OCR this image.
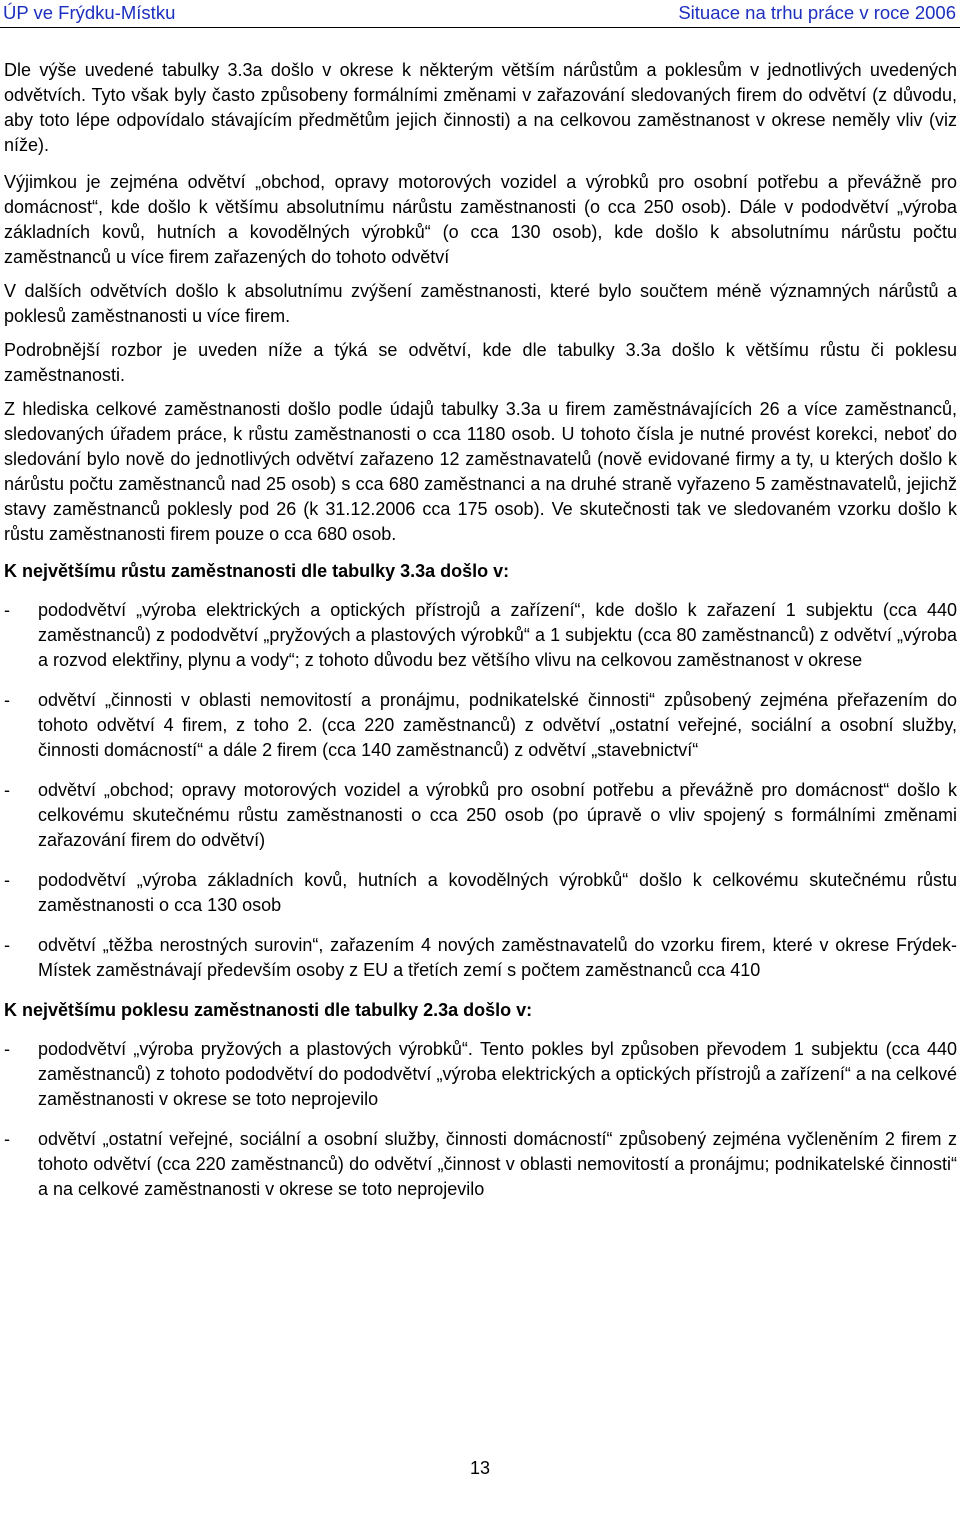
ÚP ve Frýdku-Místku	Situace na trhu práce v roce 2006

Dle výše uvedené tabulky 3.3a došlo v okrese k některým větším nárůstům a poklesům v jednotlivých uvedených odvětvích. Tyto však byly často způsobeny formálními změnami v zařazování sledovaných firem do odvětví (z důvodu, aby toto lépe odpovídalo stávajícím předmětům jejich činnosti) a na celkovou zaměstnanost v okrese neměly vliv (viz níže).

Výjimkou je zejména odvětví „obchod, opravy motorových vozidel a výrobků pro osobní potřebu a převážně pro domácnost“, kde došlo k většímu absolutnímu nárůstu zaměstnanosti (o cca 250 osob). Dále v pododvětví „výroba základních kovů, hutních a kovodělných výrobků“ (o cca 130 osob), kde došlo k absolutnímu nárůstu počtu zaměstnanců u více firem zařazených do tohoto odvětví

V dalších odvětvích došlo k absolutnímu zvýšení zaměstnanosti, které bylo součtem méně významných nárůstů a poklesů zaměstnanosti u více firem.

Podrobnější rozbor je uveden níže a týká se odvětví, kde dle tabulky 3.3a došlo k většímu růstu či poklesu zaměstnanosti.

Z hlediska celkové zaměstnanosti došlo podle údajů tabulky 3.3a u firem zaměstnávajících 26 a více zaměstnanců, sledovaných úřadem práce, k růstu zaměstnanosti o cca 1180 osob. U tohoto čísla je nutné provést korekci, neboť do sledování bylo nově do jednotlivých odvětví zařazeno 12 zaměstnavatelů (nově evidované firmy a ty, u kterých došlo k nárůstu počtu zaměstnanců nad 25 osob) s cca 680 zaměstnanci a na druhé straně vyřazeno 5 zaměstnavatelů, jejichž stavy zaměstnanců poklesly pod 26 (k 31.12.2006 cca 175 osob). Ve skutečnosti tak ve sledovaném vzorku došlo k růstu zaměstnanosti firem pouze o cca 680 osob.

K největšímu růstu zaměstnanosti dle tabulky 3.3a došlo v:
- pododvětví „výroba elektrických a optických přístrojů a zařízení“, kde došlo k zařazení 1 subjektu (cca 440 zaměstnanců) z pododvětví „pryžových a plastových výrobků“ a 1 subjektu (cca 80 zaměstnanců) z odvětví „výroba a rozvod elektřiny, plynu a vody“; z tohoto důvodu bez většího vlivu na celkovou zaměstnanost v okrese
- odvětví „činnosti v oblasti nemovitostí a pronájmu, podnikatelské činnosti“ způsobený zejména přeřazením do tohoto odvětví 4 firem, z toho 2. (cca 220 zaměstnanců) z odvětví „ostatní veřejné, sociální a osobní služby, činnosti domácností“ a dále 2 firem (cca 140 zaměstnanců) z odvětví „stavebnictví“
- odvětví „obchod; opravy motorových vozidel a výrobků pro osobní potřebu a převážně pro domácnost“ došlo k celkovému skutečnému růstu zaměstnanosti o cca 250 osob (po úpravě o vliv spojený s formálními změnami zařazování firem do odvětví)
- pododvětví „výroba základních kovů, hutních a kovodělných výrobků“ došlo k celkovému skutečnému růstu zaměstnanosti o cca 130 osob
- odvětví „těžba nerostných surovin“, zařazením 4 nových zaměstnavatelů do vzorku firem, které v okrese Frýdek-Místek zaměstnávají především osoby z EU a třetích zemí s počtem zaměstnanců cca 410
K největšímu poklesu zaměstnanosti dle tabulky 2.3a došlo v:
- pododvětví „výroba pryžových a plastových výrobků“. Tento pokles byl způsoben převodem 1 subjektu (cca 440 zaměstnanců) z tohoto pododvětví do pododvětví „výroba elektrických a optických přístrojů a zařízení“ a na celkové zaměstnanosti v okrese se toto neprojevilo
- odvětví „ostatní veřejné, sociální a osobní služby, činnosti domácností“ způsobený zejména vyčleněním 2 firem z tohoto odvětví (cca 220 zaměstnanců) do odvětví „činnost v oblasti nemovitostí a pronájmu; podnikatelské činnosti“ a na celkové zaměstnanosti v okrese se toto neprojevilo
13
